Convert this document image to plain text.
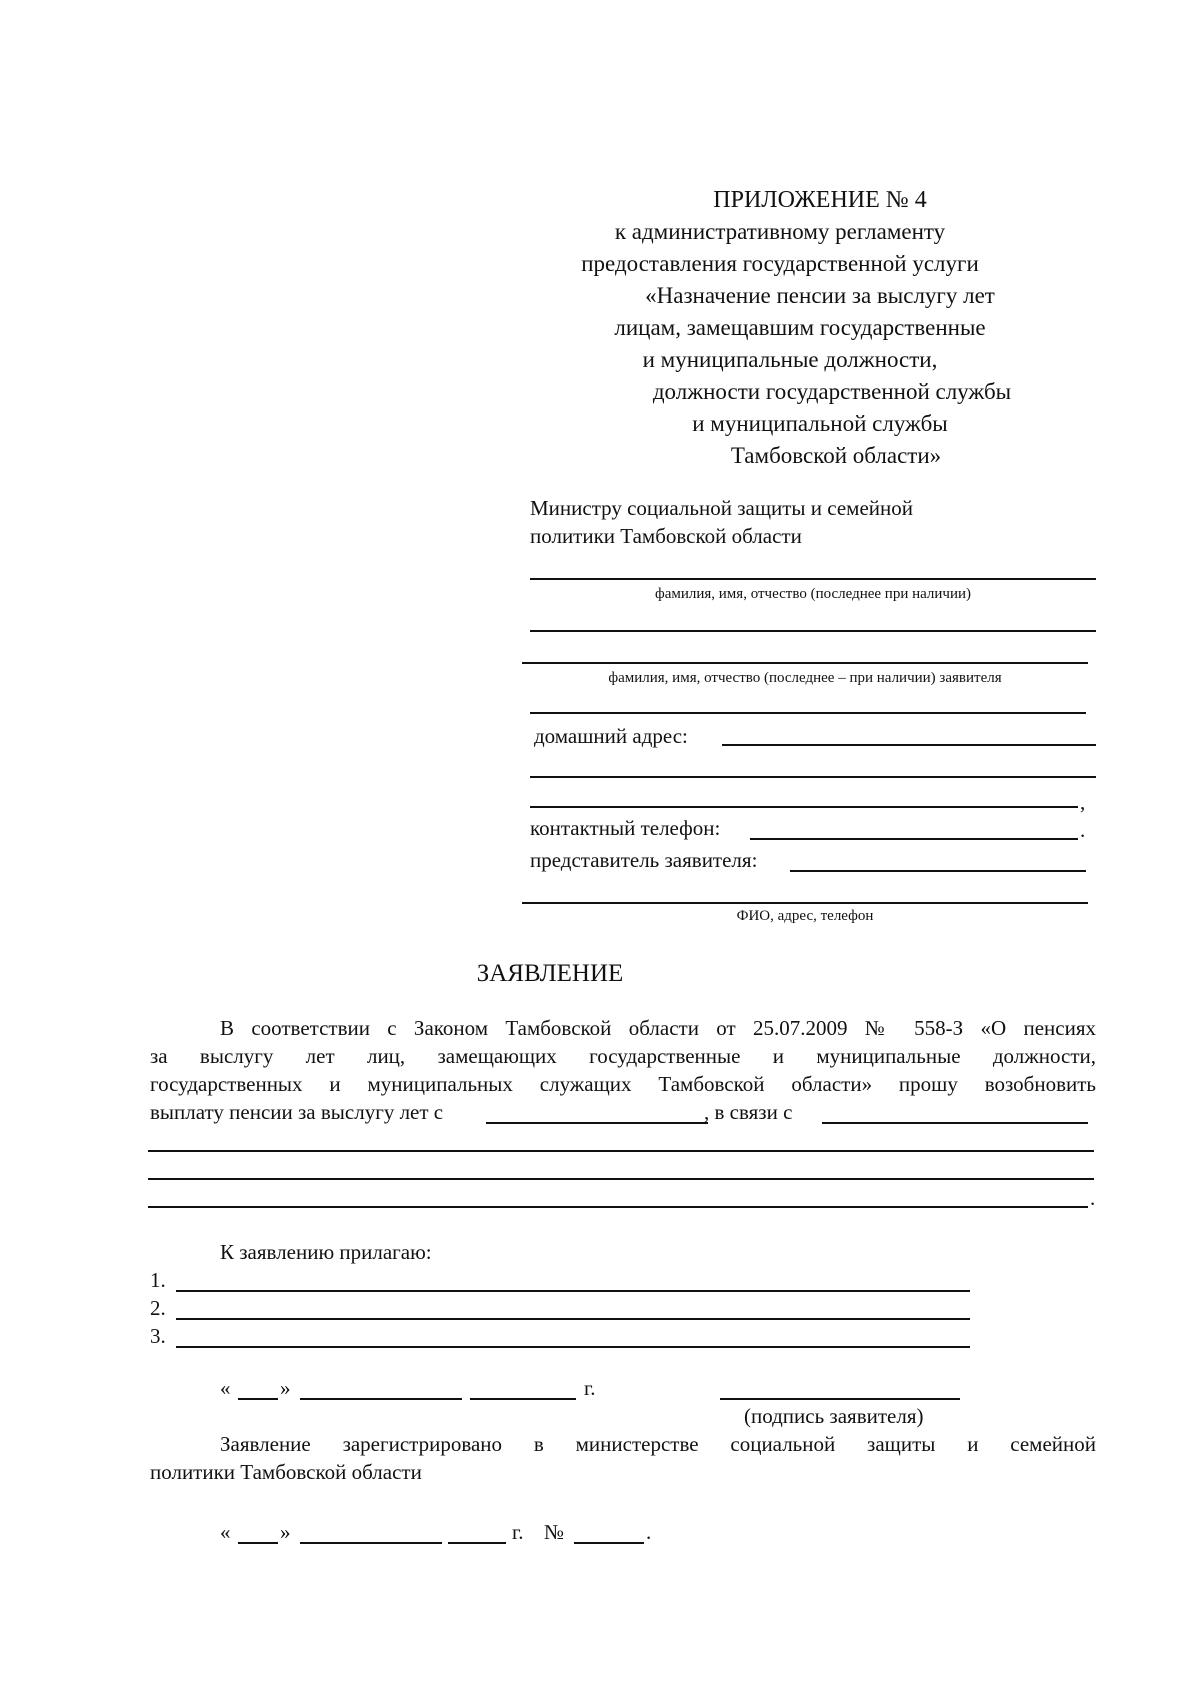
ПРИЛОЖЕНИЕ № 4
к административному регламенту
предоставления государственной услуги
«Назначение пенсии за выслугу лет
лицам, замещавшим государственные
и муниципальные должности,
должности государственной службы
и муниципальной службы
Тамбовской области»
Министру социальной защиты и семейной
политики Тамбовской области
фамилия, имя, отчество (последнее при наличии)
фамилия, имя, отчество (последнее – при наличии) заявителя
домашний адрес:
,
контактный телефон:	.
представитель заявителя:
ФИО, адрес, телефон
ЗАЯВЛЕНИЕ
В соответствии с Законом Тамбовской области от 25.07.2009 № 558-З «О пенсиях
за выслугу лет лиц, замещающих государственные и муниципальные должности,
государственных и муниципальных служащих Тамбовской области» прошу возобновить
выплату пенсии за выслугу лет с	, в связи с
.
К заявлению прилагаю:
1.
2.
3.
« »	г.
(подпись заявителя)
Заявление зарегистрировано в министерстве социальной защиты и семейной
политики Тамбовской области
« »	г. №	.
